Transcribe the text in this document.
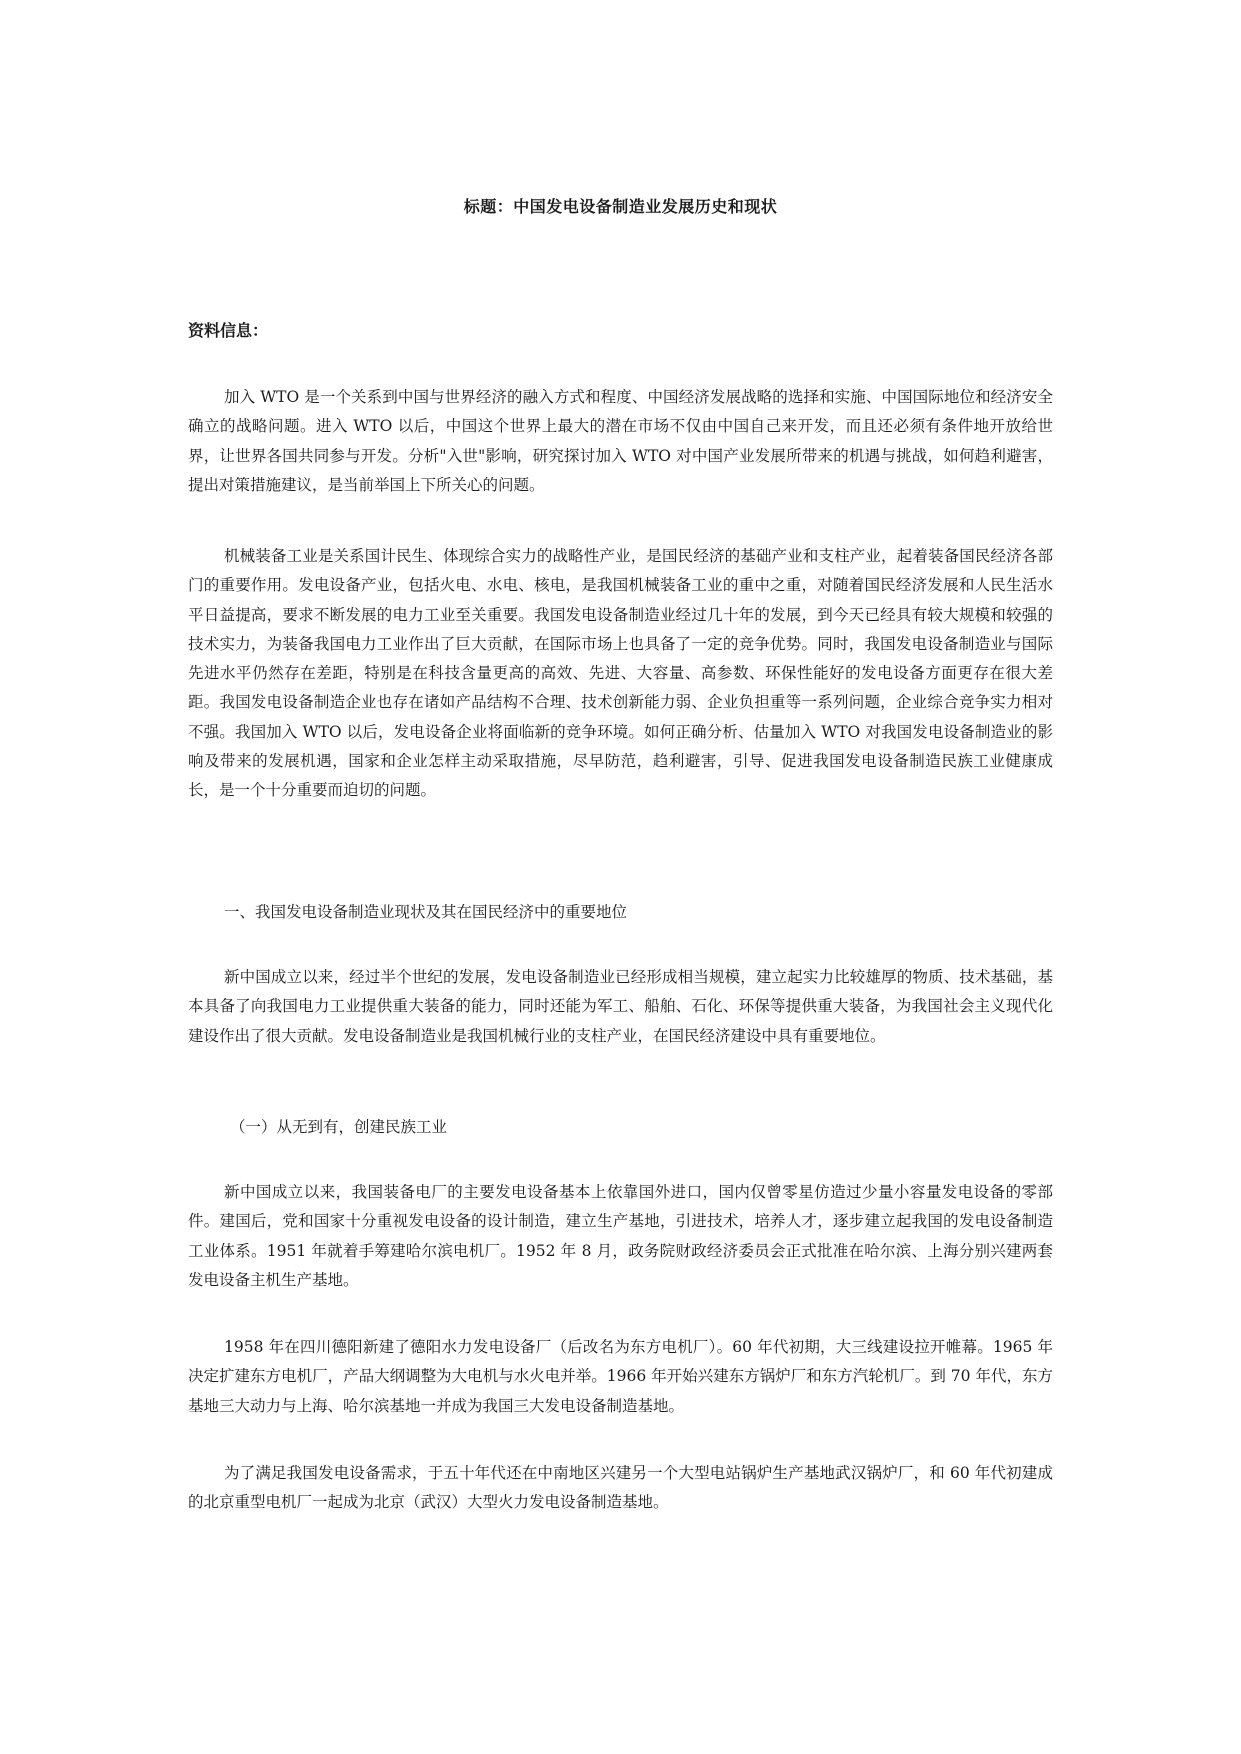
标题：中国发电设备制造业发展历史和现状
资料信息：

加入 WTO 是一个关系到中国与世界经济的融入方式和程度、中国经济发展战略的选择和实施、中国国际地位和经济安全确立的战略问题。进入 WTO 以后，中国这个世界上最大的潜在市场不仅由中国自己来开发，而且还必须有条件地开放给世界，让世界各国共同参与开发。分析"入世"影响，研究探讨加入 WTO 对中国产业发展所带来的机遇与挑战，如何趋利避害，提出对策措施建议，是当前举国上下所关心的问题。

机械装备工业是关系国计民生、体现综合实力的战略性产业，是国民经济的基础产业和支柱产业，起着装备国民经济各部门的重要作用。发电设备产业，包括火电、水电、核电，是我国机械装备工业的重中之重，对随着国民经济发展和人民生活水平日益提高，要求不断发展的电力工业至关重要。我国发电设备制造业经过几十年的发展，到今天已经具有较大规模和较强的技术实力，为装备我国电力工业作出了巨大贡献，在国际市场上也具备了一定的竞争优势。同时，我国发电设备制造业与国际先进水平仍然存在差距，特别是在科技含量更高的高效、先进、大容量、高参数、环保性能好的发电设备方面更存在很大差距。我国发电设备制造企业也存在诸如产品结构不合理、技术创新能力弱、企业负担重等一系列问题，企业综合竞争实力相对不强。我国加入 WTO 以后，发电设备企业将面临新的竞争环境。如何正确分析、估量加入 WTO 对我国发电设备制造业的影响及带来的发展机遇，国家和企业怎样主动采取措施，尽早防范，趋利避害，引导、促进我国发电设备制造民族工业健康成长，是一个十分重要而迫切的问题。

一、我国发电设备制造业现状及其在国民经济中的重要地位

新中国成立以来，经过半个世纪的发展，发电设备制造业已经形成相当规模，建立起实力比较雄厚的物质、技术基础，基本具备了向我国电力工业提供重大装备的能力，同时还能为军工、船舶、石化、环保等提供重大装备，为我国社会主义现代化建设作出了很大贡献。发电设备制造业是我国机械行业的支柱产业，在国民经济建设中具有重要地位。

（一）从无到有，创建民族工业

新中国成立以来，我国装备电厂的主要发电设备基本上依靠国外进口，国内仅曾零星仿造过少量小容量发电设备的零部件。建国后，党和国家十分重视发电设备的设计制造，建立生产基地，引进技术，培养人才，逐步建立起我国的发电设备制造工业体系。1951 年就着手筹建哈尔滨电机厂。1952 年 8 月，政务院财政经济委员会正式批准在哈尔滨、上海分别兴建两套发电设备主机生产基地。

1958 年在四川德阳新建了德阳水力发电设备厂（后改名为东方电机厂）。60 年代初期，大三线建设拉开帷幕。1965 年决定扩建东方电机厂，产品大纲调整为大电机与水火电并举。1966 年开始兴建东方锅炉厂和东方汽轮机厂。到 70 年代，东方基地三大动力与上海、哈尔滨基地一并成为我国三大发电设备制造基地。

为了满足我国发电设备需求，于五十年代还在中南地区兴建另一个大型电站锅炉生产基地武汉锅炉厂，和 60 年代初建成的北京重型电机厂一起成为北京（武汉）大型火力发电设备制造基地。
